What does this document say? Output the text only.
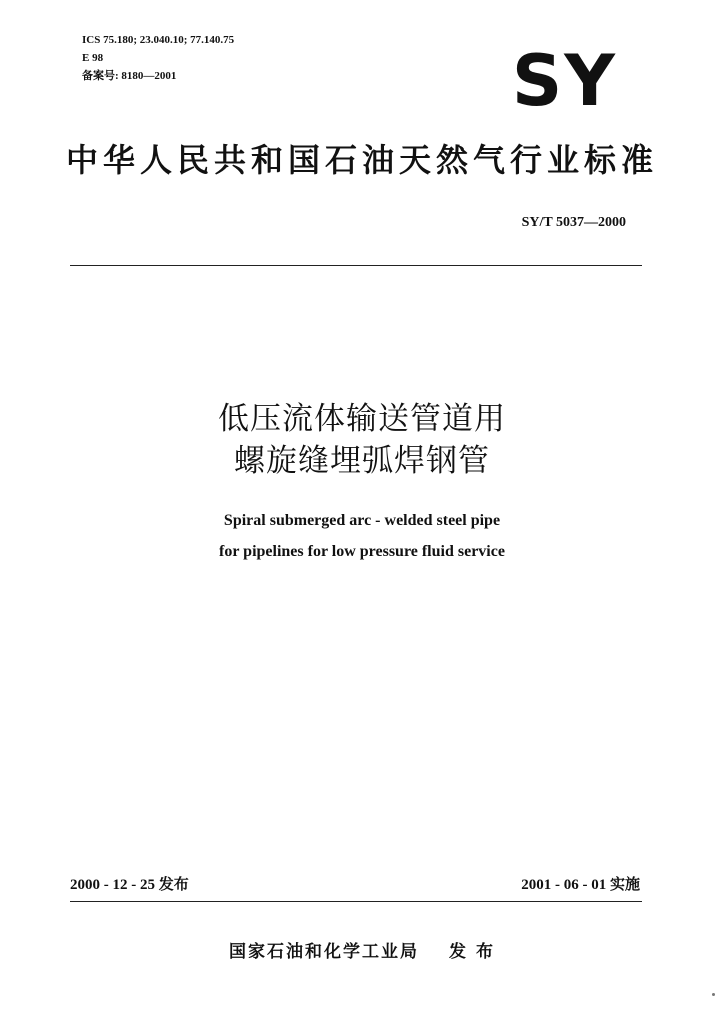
ICS 75.180; 23.040.10; 77.140.75
E 98
备案号: 8180—2001	SY
中华人民共和国石油天然气行业标准
SY/T 5037—2000
低压流体输送管道用
螺旋缝埋弧焊钢管
Spiral submerged arc - welded steel pipe
for pipelines for low pressure fluid service
2000 - 12 - 25 发布	2001 - 06 - 01 实施
国家石油和化学工业局 发 布
